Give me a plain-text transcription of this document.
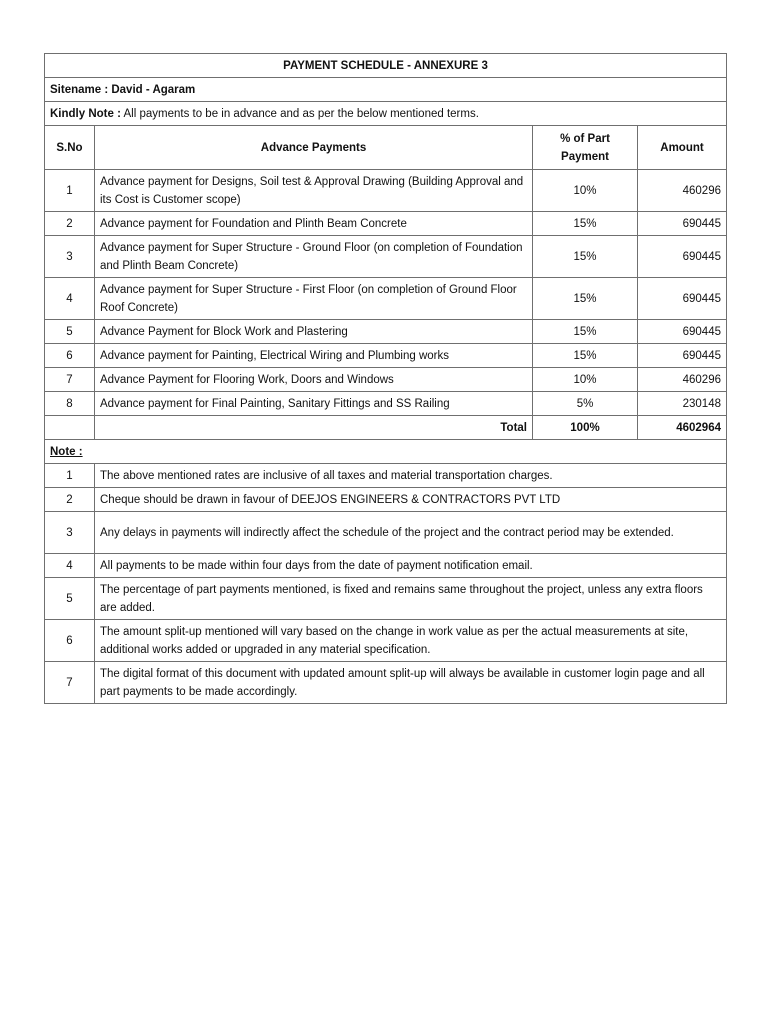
PAYMENT SCHEDULE - ANNEXURE 3			
Sitename : David - Agaram			
Kindly Note : All payments to be in advance and as per the below mentioned terms.			
S.No	Advance Payments	% of Part Payment	Amount
1	Advance payment for Designs, Soil test & Approval Drawing (Building Approval and its Cost is Customer scope)	10%	460296
2	Advance payment for Foundation and Plinth Beam Concrete	15%	690445
3	Advance payment for Super Structure - Ground Floor (on completion of Foundation and Plinth Beam Concrete)	15%	690445
4	Advance payment for Super Structure - First Floor (on completion of Ground Floor Roof Concrete)	15%	690445
5	Advance Payment for Block Work and Plastering	15%	690445
6	Advance payment for Painting, Electrical Wiring and Plumbing works	15%	690445
7	Advance Payment for Flooring Work, Doors and Windows	10%	460296
8	Advance payment for Final Painting, Sanitary Fittings and SS Railing	5%	230148
	Total	100%	4602964
Note :			
1	The above mentioned rates are inclusive of all taxes and material transportation charges.		
2	Cheque should be drawn in favour of DEEJOS ENGINEERS & CONTRACTORS PVT LTD		
3	Any delays in payments will indirectly affect the schedule of the project and the contract period may be extended.		
4	All payments to be made within four days from the date of payment notification email.		
5	The percentage of part payments mentioned, is fixed and remains same throughout the project, unless any extra floors are added.		
6	The amount split-up mentioned will vary based on the change in work value as per the actual measurements at site, additional works added or upgraded in any material specification.		
7	The digital format of this document with updated amount split-up will always be available in customer login page and all part payments to be made accordingly.		
